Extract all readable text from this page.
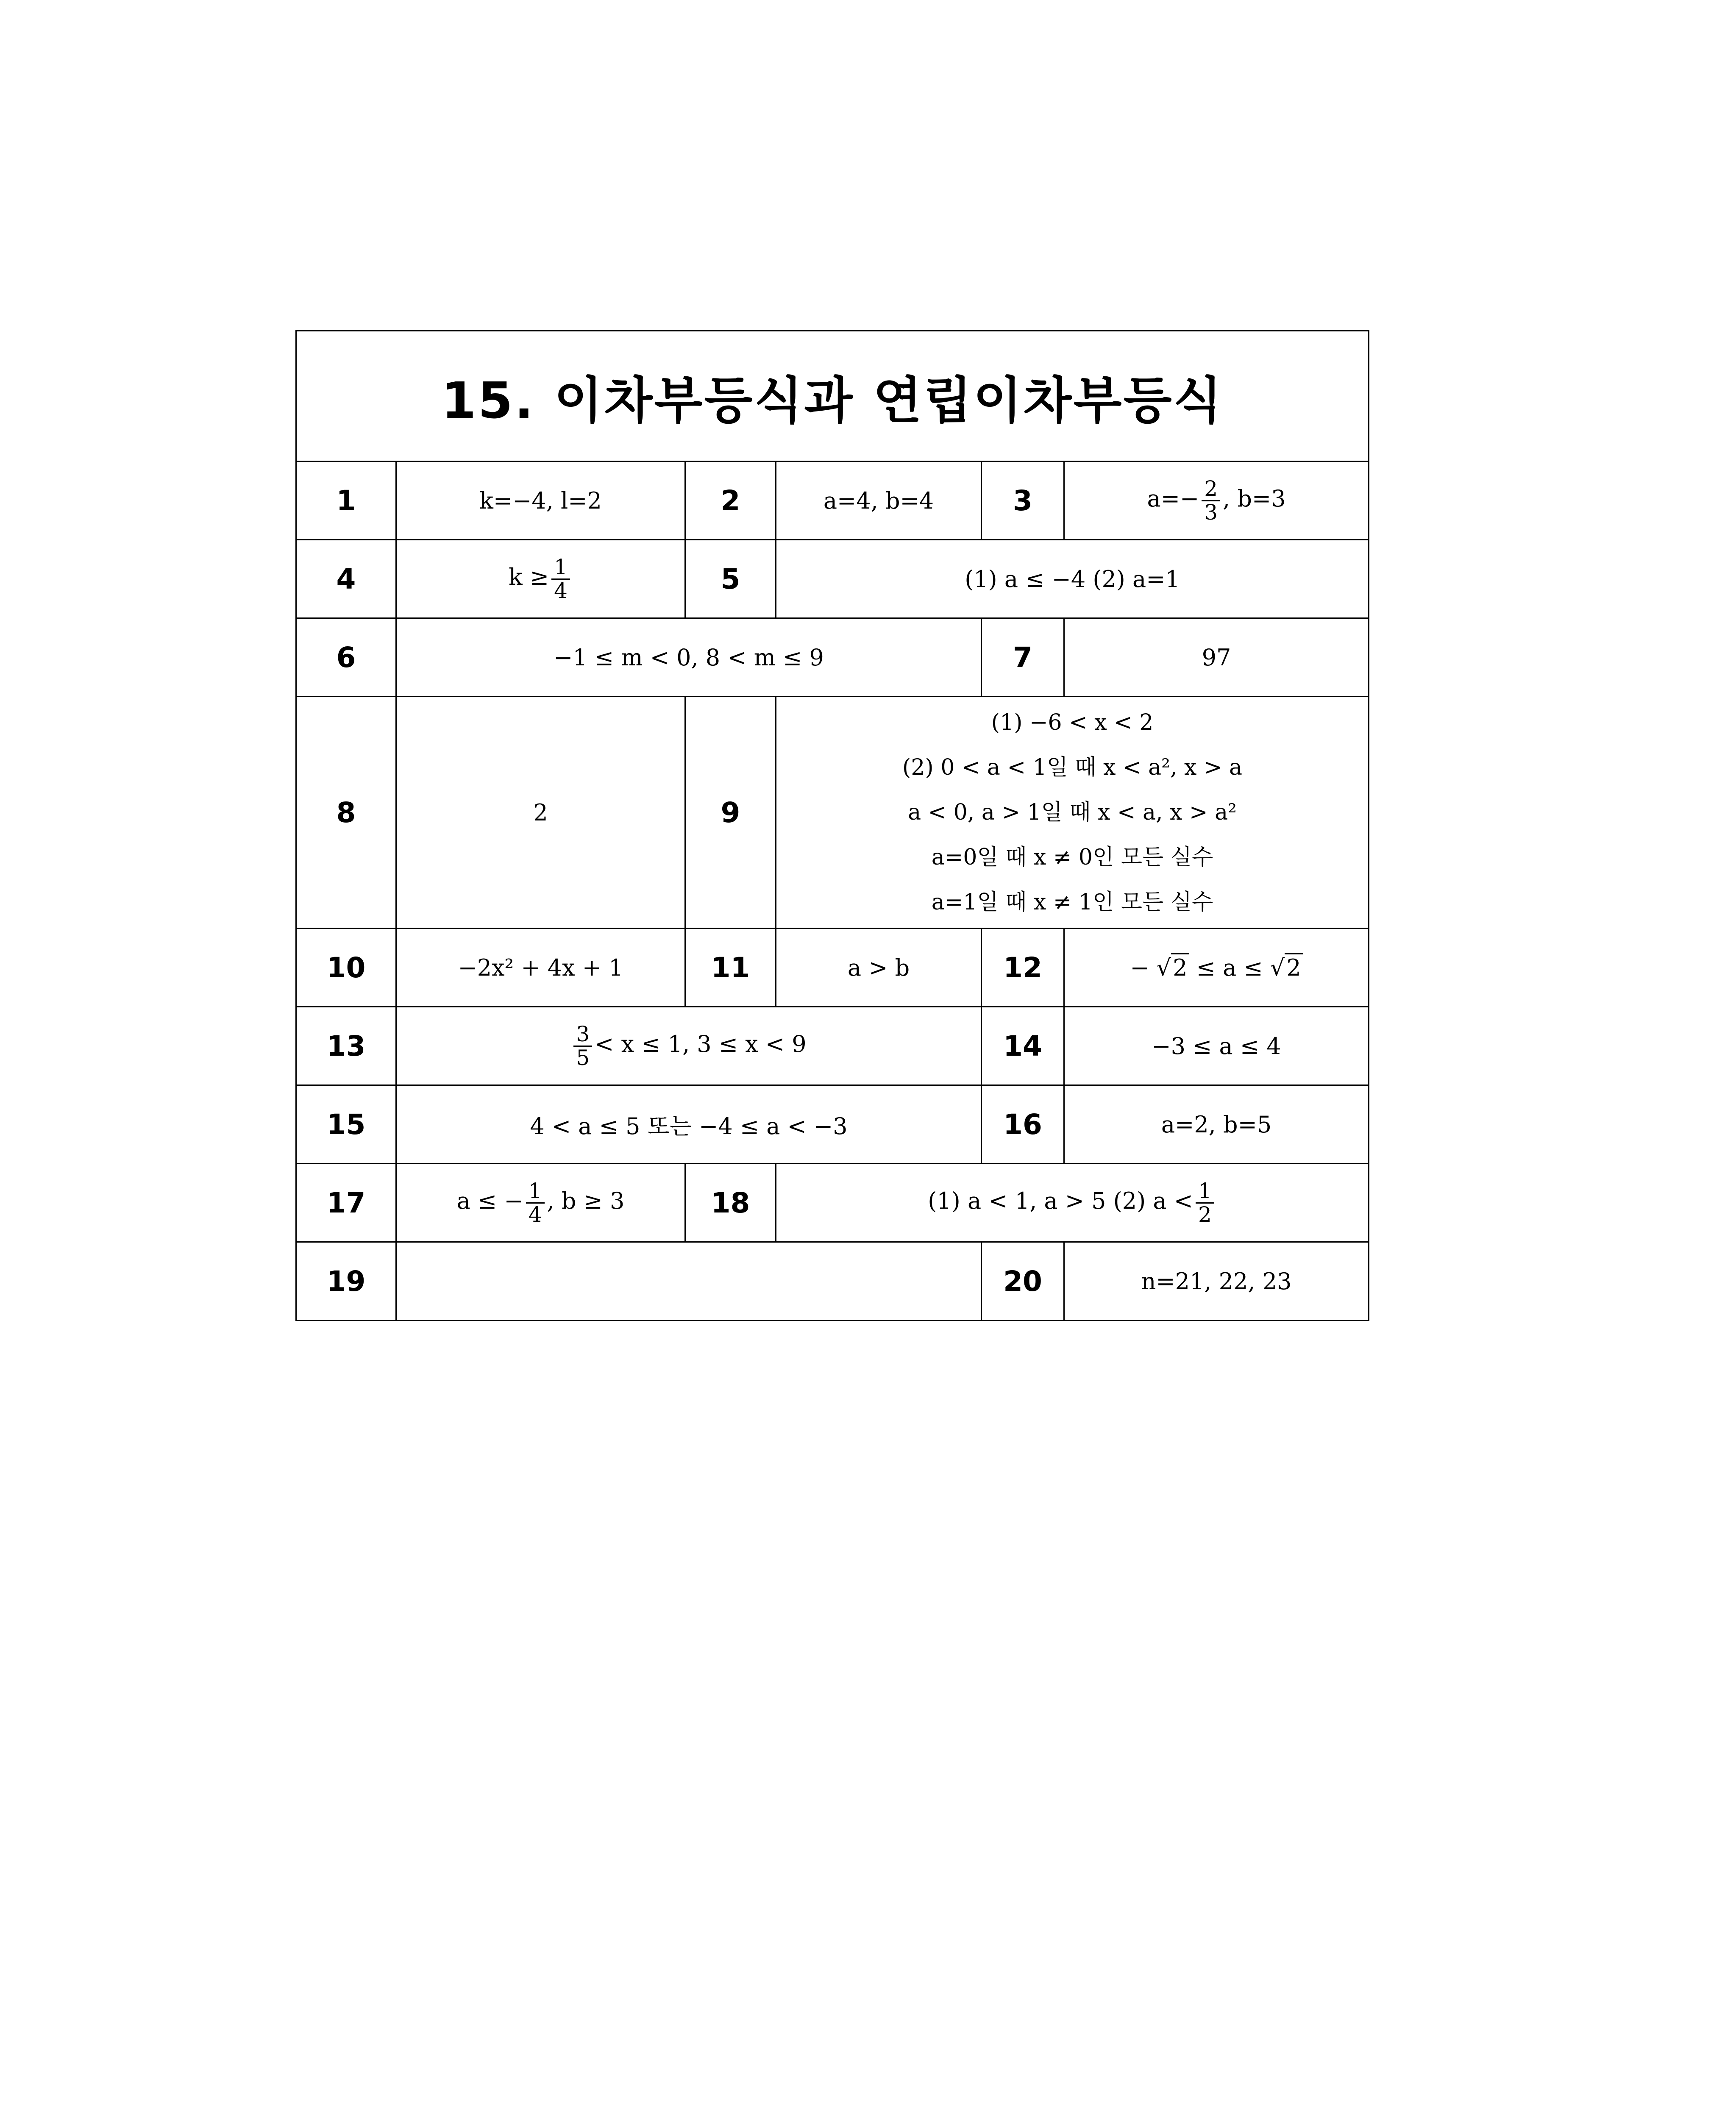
15. 이차부등식과 연립이차부등식					
1	k=−4, l=2	2	a=4, b=4	3	$a=- \frac{2}{3}$ , b=3
4	$k \ge \frac{1}{4}$	5	(1) a ≤ −4 (2) a=1		
6	−1 ≤ m < 0, 8 < m ≤ 9			7	97
8	2	9	(1) −6 < x < 2
(2) 0 < a < 1일 때 x < a², x > a
a < 0, a > 1일 때 x < a, x > a²
a=0일 때 x ≠ 0인 모든 실수
a=1일 때 x ≠ 1인 모든 실수		

10	−2x² + 4x + 1	11	a > b	12	− √2 ≤ a ≤ √2
13	$\frac{3}{5} < x \le 1$, 3 ≤ x < 9			14	−3 ≤ a ≤ 4
15	4 < a ≤ 5 또는 −4 ≤ a < −3			16	a=2, b=5
17	a ≤ − $\frac{1}{4}$ , b ≥ 3	18	(1) a < 1, a > 5 (2) $a < \frac{1}{2}$

19				20	n=21, 22, 23
